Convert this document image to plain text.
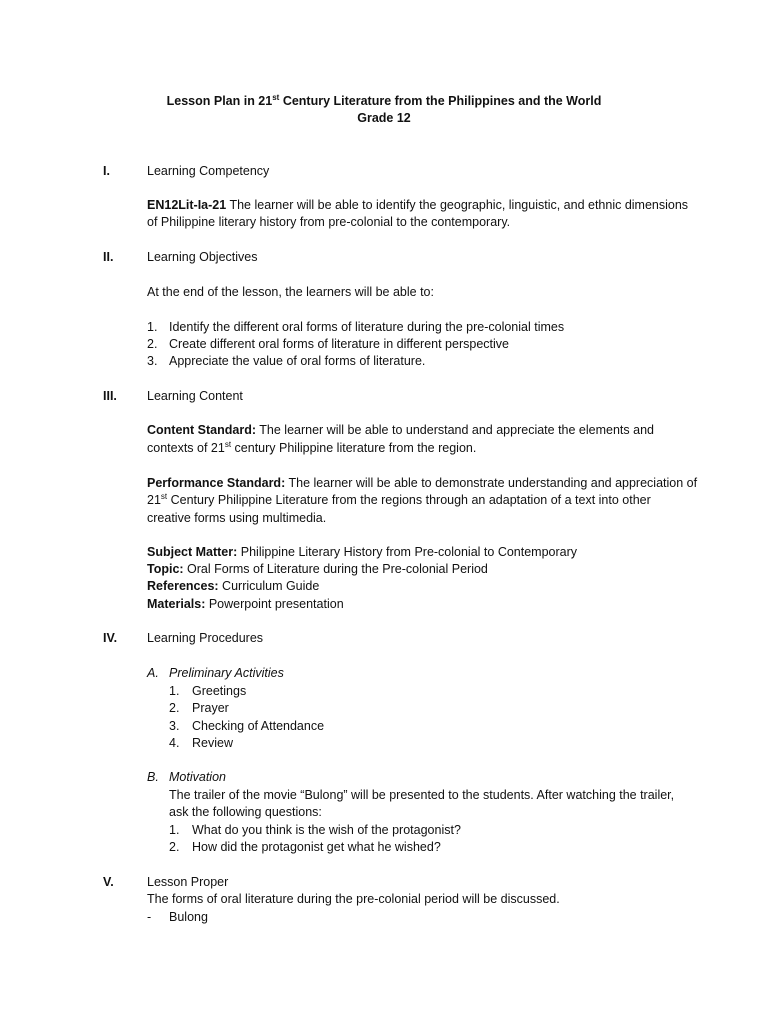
Lesson Plan in 21st Century Literature from the Philippines and the World
Grade 12
I.	Learning Competency
EN12Lit-Ia-21 The learner will be able to identify the geographic, linguistic, and ethnic dimensions
of Philippine literary history from pre-colonial to the contemporary.
II.	Learning Objectives
At the end of the lesson, the learners will be able to:
1. Identify the different oral forms of literature during the pre-colonial times
2. Create different oral forms of literature in different perspective
3. Appreciate the value of oral forms of literature.
III. Learning Content
Content Standard: The learner will be able to understand and appreciate the elements and
contexts of 21st century Philippine literature from the region.
Performance Standard: The learner will be able to demonstrate understanding and appreciation of
21st Century Philippine Literature from the regions through an adaptation of a text into other
creative forms using multimedia.
Subject Matter: Philippine Literary History from Pre-colonial to Contemporary
Topic: Oral Forms of Literature during the Pre-colonial Period
References: Curriculum Guide
Materials: Powerpoint presentation
IV. Learning Procedures
A. Preliminary Activities
1. Greetings
2. Prayer
3. Checking of Attendance
4. Review
B. Motivation
The trailer of the movie “Bulong” will be presented to the students. After watching the trailer,
ask the following questions:
1. What do you think is the wish of the protagonist?
2. How did the protagonist get what he wished?
V.	Lesson Proper
The forms of oral literature during the pre-colonial period will be discussed.
- Bulong
